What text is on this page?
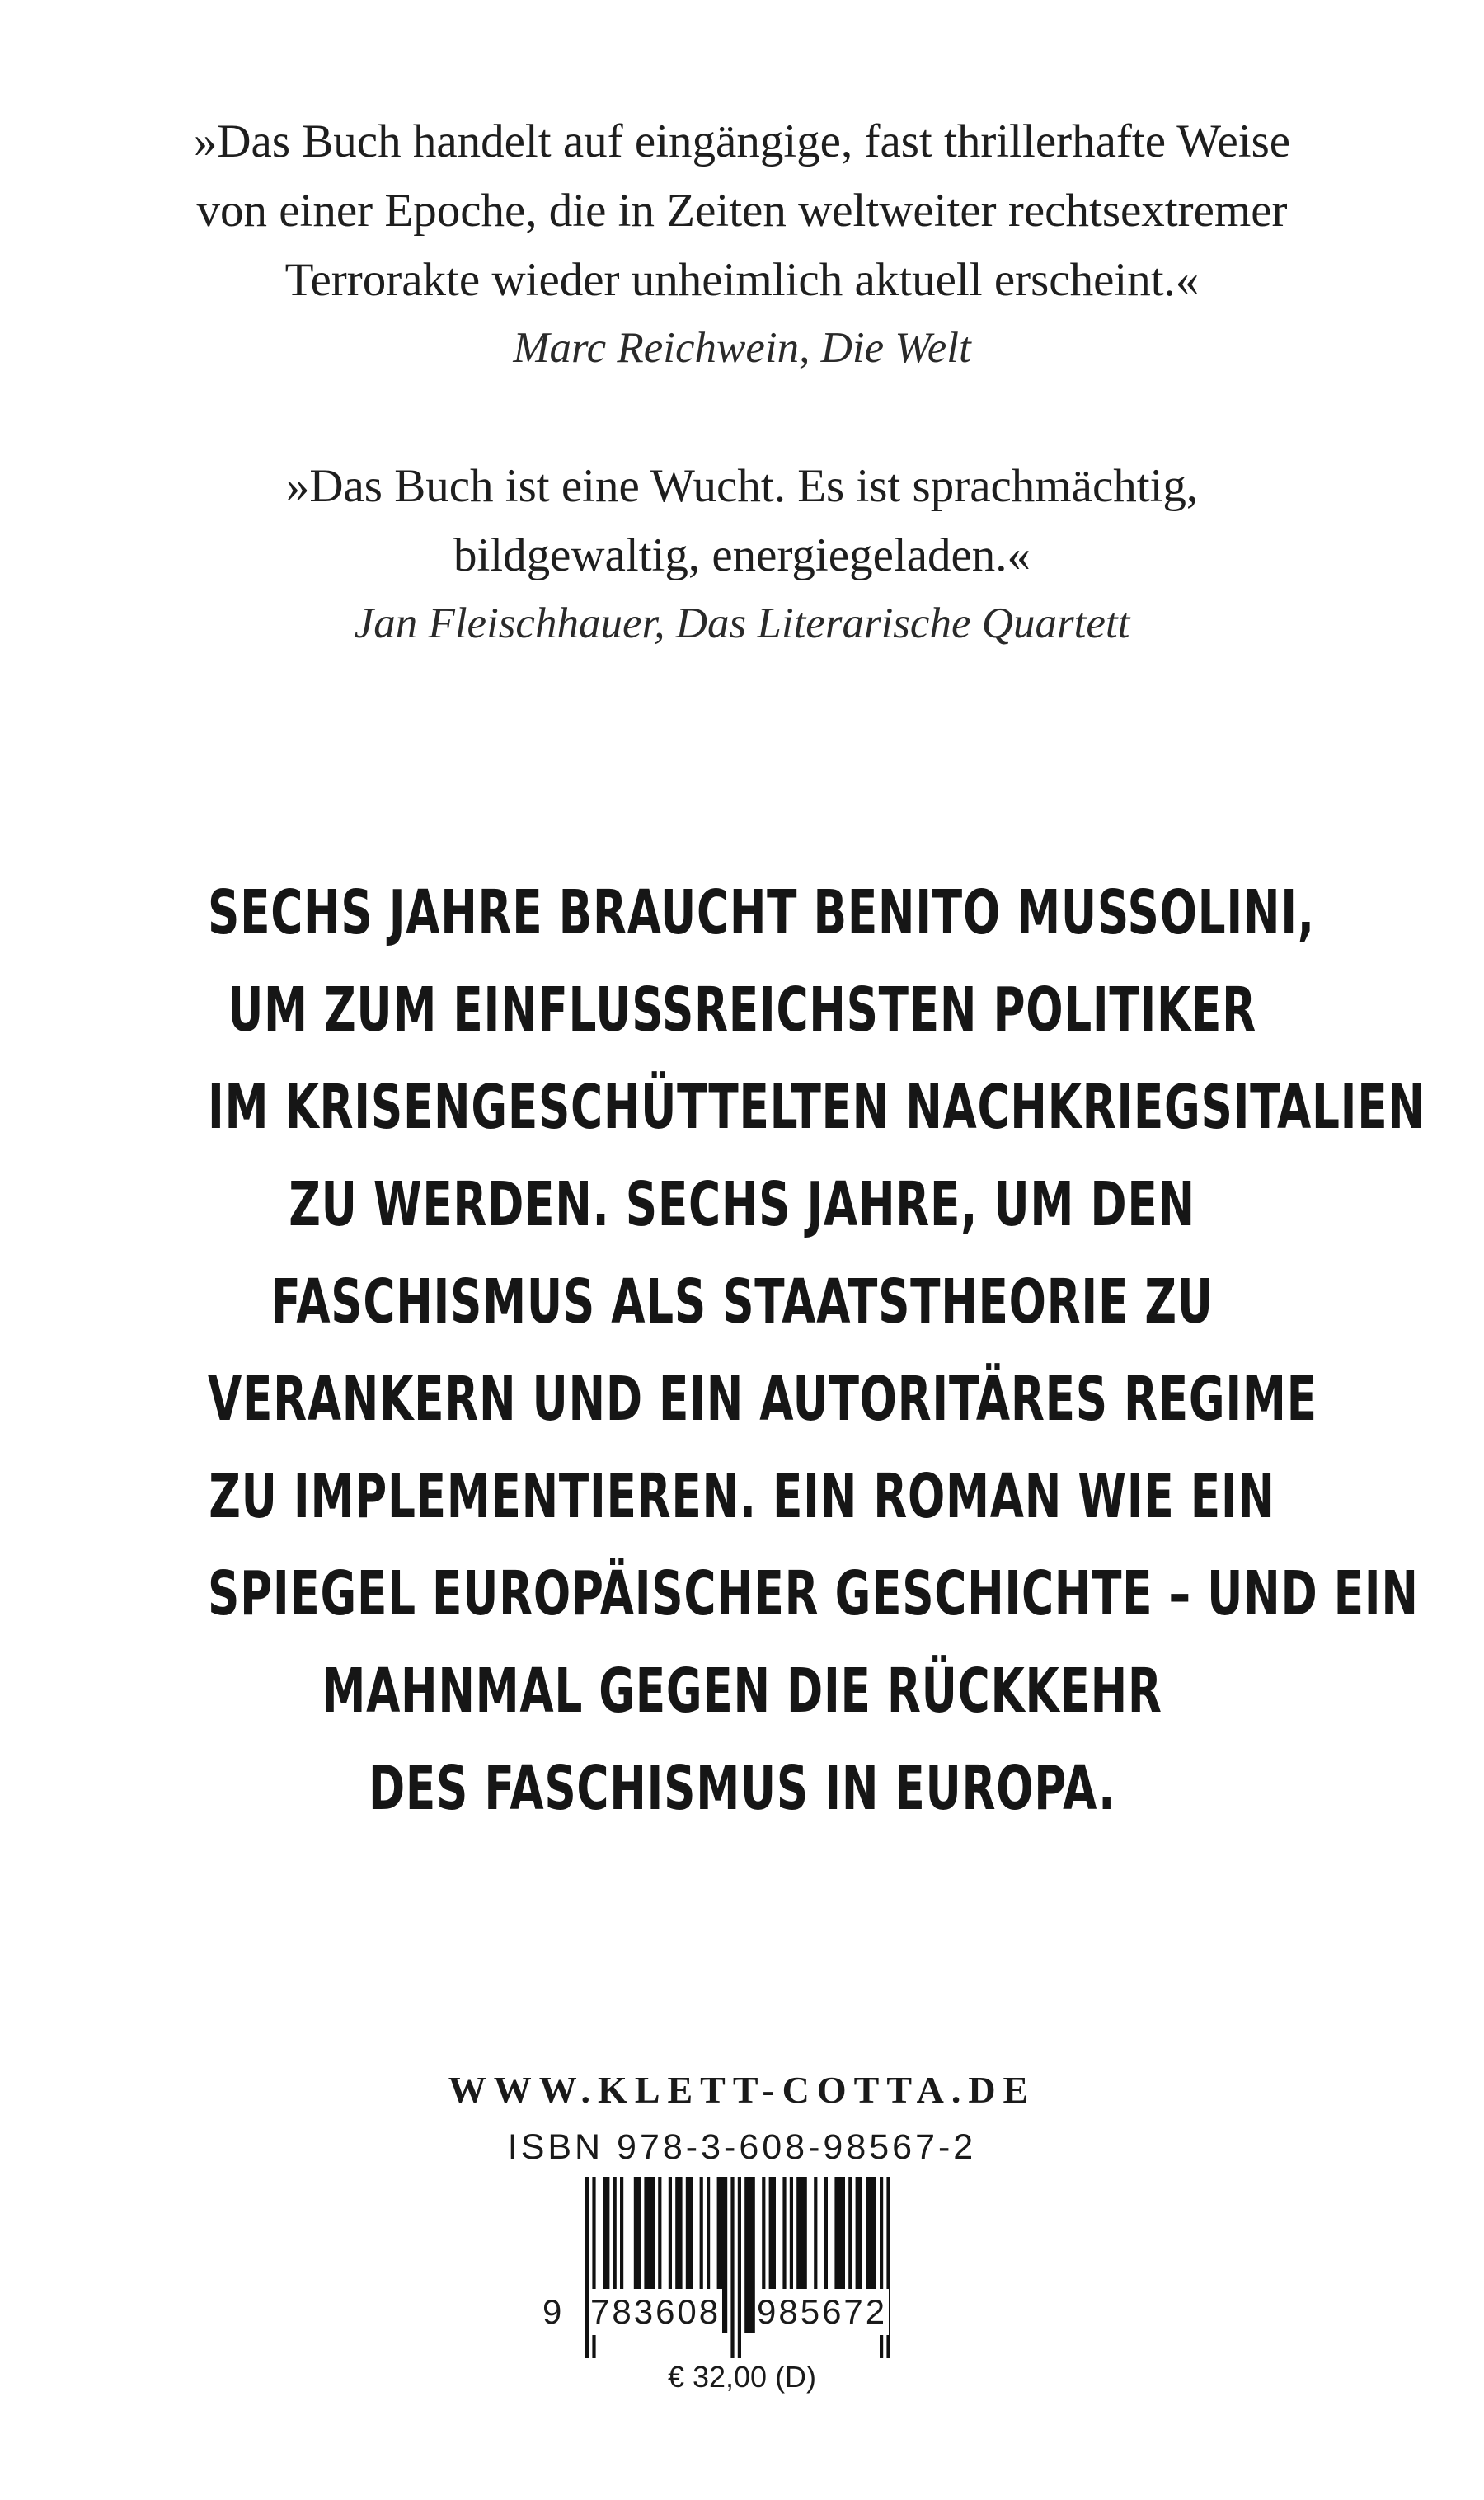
»Das Buch handelt auf eingängige, fast thrillerhafte Weise
von einer Epoche, die in Zeiten weltweiter rechtsextremer
Terrorakte wieder unheimlich aktuell erscheint.«
Marc Reichwein, Die Welt
»Das Buch ist eine Wucht. Es ist sprachmächtig,
bildgewaltig, energiegeladen.«
Jan Fleischhauer, Das Literarische Quartett
SECHS JAHRE BRAUCHT BENITO MUSSOLINI,
UM ZUM EINFLUSSREICHSTEN POLITIKER
IM KRISENGESCHÜTTELTEN NACHKRIEGSITALIEN
ZU WERDEN. SECHS JAHRE, UM DEN
FASCHISMUS ALS STAATSTHEORIE ZU
VERANKERN UND EIN AUTORITÄRES REGIME
ZU IMPLEMENTIEREN. EIN ROMAN WIE EIN
SPIEGEL EUROPÄISCHER GESCHICHTE – UND EIN
MAHNMAL GEGEN DIE RÜCKKEHR
DES FASCHISMUS IN EUROPA.
WWW.KLETT-COTTA.DE
ISBN 978-3-608-98567-2
9 783608 985672
€ 32,00 (D)
